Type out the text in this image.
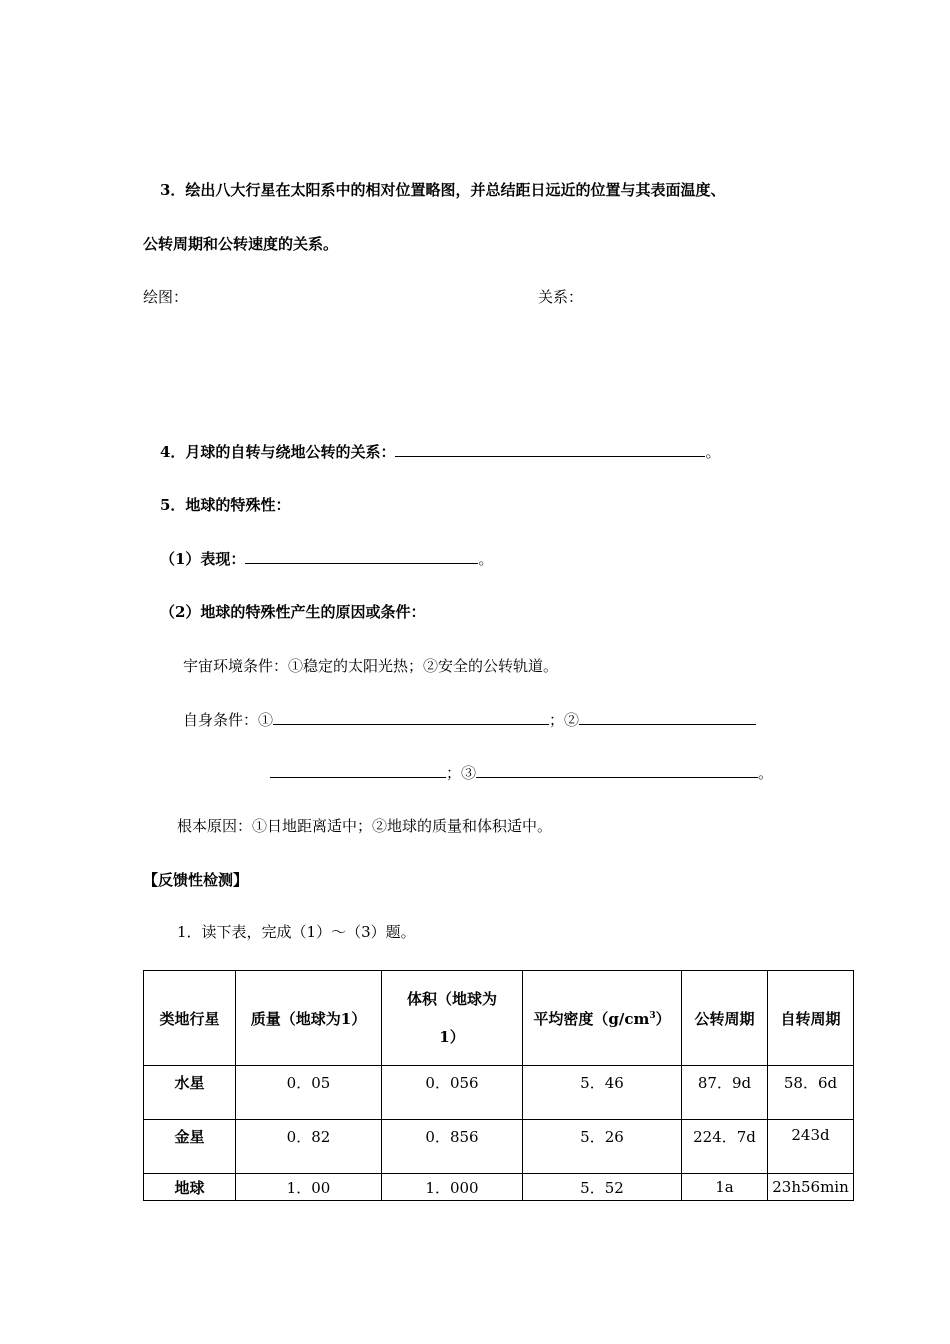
3．绘出八大行星在太阳系中的相对位置略图，并总结距日远近的位置与其表面温度、
公转周期和公转速度的关系。
绘图：	关系：
4．月球的自转与绕地公转的关系：	。
5．地球的特殊性：
（1）表现：	。
（2）地球的特殊性产生的原因或条件：
宇宙环境条件：①稳定的太阳光热；②安全的公转轨道。
自身条件：①	；②
；③	。
根本原因：①日地距离适中；②地球的质量和体积适中。
【反馈性检测】
1．读下表，完成（1）～（3）题。
类地行星	质量（地球为1）	体积（地球为
1）	平均密度$(g/cm^3)$	公转周期	自转周期
水星	0．05	0．056	5．46	87．9d	58．6d
金星	0．82	0．856	5．26	224．7d	243d
地球	1．00	1．000	5．52	1a	23h56min
